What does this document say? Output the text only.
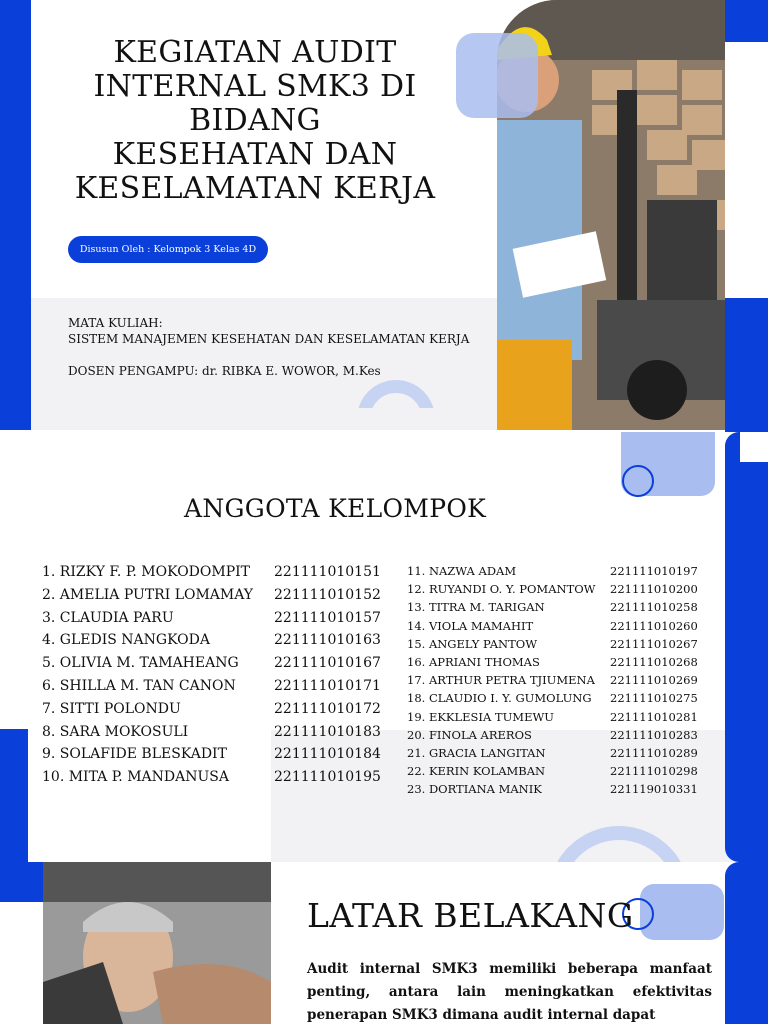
KEGIATAN AUDIT
INTERNAL SMK3 DI
BIDANG
KESEHATAN DAN
KESELAMATAN KERJA
Disusun Oleh : Kelompok 3 Kelas 4D
MATA KULIAH:
SISTEM MANAJEMEN KESEHATAN DAN KESELAMATAN KERJA
DOSEN PENGAMPU: dr. RIBKA E. WOWOR, M.Kes
ANGGOTA KELOMPOK
1. RIZKY F. P. MOKODOMPIT	221111010151
2. AMELIA PUTRI LOMAMAY	221111010152
3. CLAUDIA PARU	221111010157
4. GLEDIS NANGKODA	221111010163
5. OLIVIA M. TAMAHEANG	221111010167
6. SHILLA M. TAN CANON	221111010171
7. SITTI POLONDU	221111010172
8. SARA MOKOSULI	221111010183
9. SOLAFIDE BLESKADIT	221111010184
10. MITA P. MANDANUSA	221111010195
11. NAZWA ADAM	221111010197
12. RUYANDI O. Y. POMANTOW	221111010200
13. TITRA M. TARIGAN	221111010258
14. VIOLA MAMAHIT	221111010260
15. ANGELY PANTOW	221111010267
16. APRIANI THOMAS	221111010268
17. ARTHUR PETRA TJIUMENA	221111010269
18. CLAUDIO I. Y. GUMOLUNG	221111010275
19. EKKLESIA TUMEWU	221111010281
20. FINOLA AREROS	221111010283
21. GRACIA LANGITAN	221111010289
22. KERIN KOLAMBAN	221111010298
23. DORTIANA MANIK	221119010331
LATAR BELAKANG
Audit internal SMK3 memiliki beberapa manfaat penting, antara lain meningkatkan efektivitas penerapan SMK3 dimana audit internal dapat
